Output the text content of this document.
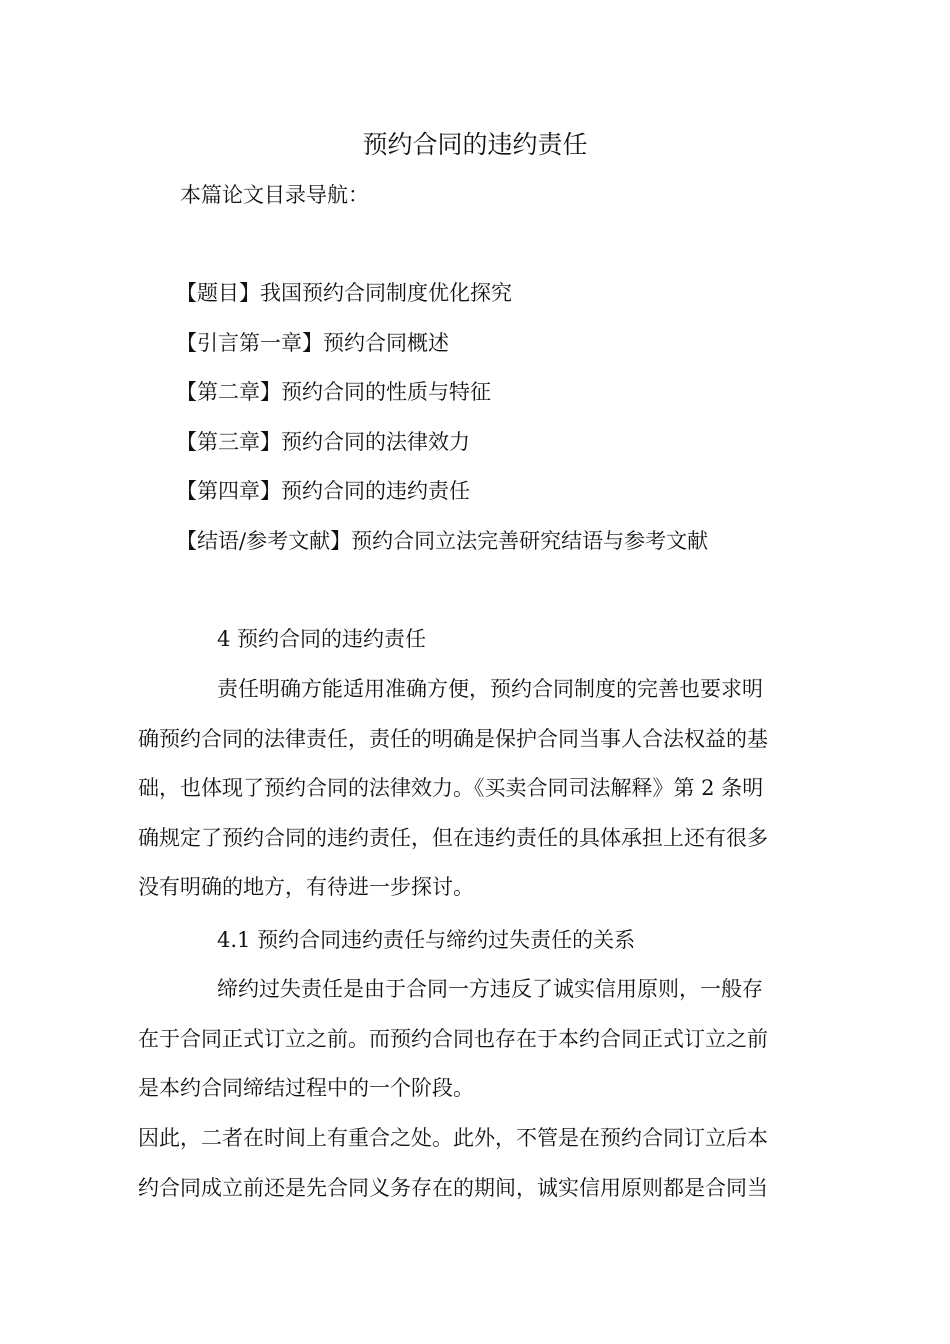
预约合同的违约责任
本篇论文目录导航：
【题目】我国预约合同制度优化探究
【引言第一章】预约合同概述
【第二章】预约合同的性质与特征
【第三章】预约合同的法律效力
【第四章】预约合同的违约责任
【结语/参考文献】预约合同立法完善研究结语与参考文献
4 预约合同的违约责任

责任明确方能适用准确方便，预约合同制度的完善也要求明
确预约合同的法律责任，责任的明确是保护合同当事人合法权益的基
础，也体现了预约合同的法律效力。《买卖合同司法解释》第 2 条明
确规定了预约合同的违约责任，但在违约责任的具体承担上还有很多
没有明确的地方，有待进一步探讨。

4.1 预约合同违约责任与缔约过失责任的关系

缔约过失责任是由于合同一方违反了诚实信用原则，一般存
在于合同正式订立之前。而预约合同也存在于本约合同正式订立之前
是本约合同缔结过程中的一个阶段。

因此，二者在时间上有重合之处。此外，不管是在预约合同订立后本
约合同成立前还是先合同义务存在的期间，诚实信用原则都是合同当
